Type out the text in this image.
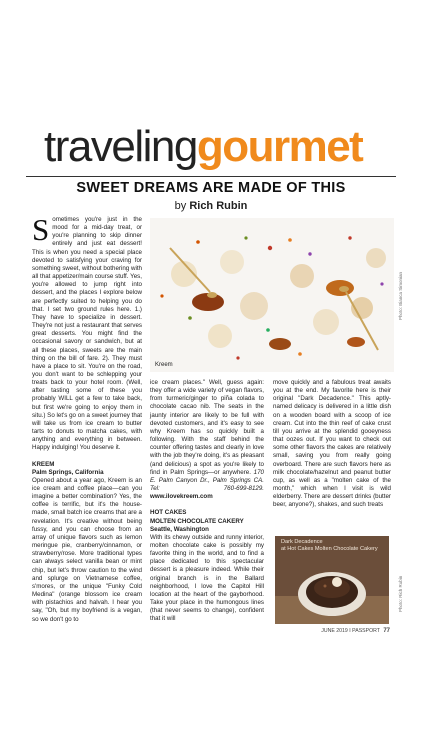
travelinggourmet
SWEET DREAMS ARE MADE OF THIS
by Rich Rubin

Sometimes you're just in the mood for a mid-day treat, or you're planning to skip dinner entirely and just eat dessert! This is when you need a special place devoted to satisfying your craving for something sweet, without bothering with all that appetizer/main course stuff. Yes, you're allowed to jump right into dessert, and the places I explore below are perfectly suited to helping you do that. I set two ground rules here. 1.) They have to specialize in dessert. They're not just a restaurant that serves great desserts. You might find the occasional savory or sandwich, but at all these places, sweets are the main thing on the bill of fare. 2). They must have a place to sit. You're on the road, you don't want to be schlepping your treats back to your hotel room. (Well, after tasting some of these you probably WILL get a few to take back, but first we're going to enjoy them in situ.) So let's go on a sweet journey that will take us from ice cream to butter tarts to donuts to matcha cakes, with anything and everything in between. Happy indulging! You deserve it.

KREEM

Palm Springs, California

Opened about a year ago, Kreem is an ice cream and coffee place—can you imagine a better combination? Yes, the coffee is terrific, but it's the house-made, small batch ice creams that are a revelation. It's creative without being fussy, and you can choose from an array of unique flavors such as lemon meringue pie, cranberry/cinnamon, or strawberry/rose. More traditional types can always select vanilla bean or mint chip, but let's throw caution to the wind and splurge on Vietnamese coffee, s'mores, or the unique "Funky Cold Medina" (orange blossom ice cream with pistachios and halvah. I hear you say, "Oh, but my boyfriend is a vegan, so we don't go to

Kreem
Photo: Bianca Simonian

ice cream places." Well, guess again: they offer a wide variety of vegan flavors, from turmeric/ginger to piña colada to chocolate cacao nib. The seats in the jaunty interior are likely to be full with devoted customers, and it's easy to see why Kreem has so quickly built a following. With the staff behind the counter offering tastes and clearly in love with the job they're doing, it's as pleasant (and delicious) a spot as you're likely to find in Palm Springs—or anywhere. 170 E. Palm Canyon Dr., Palm Springs CA. Tel: 760-699-8129. www.ilovekreem.com

HOT CAKES

MOLTEN CHOCOLATE CAKERY

Seattle, Washington

With its chewy outside and runny interior, molten chocolate cake is possibly my favorite thing in the world, and to find a place dedicated to this spectacular dessert is a pleasure indeed. While their original branch is in the Ballard neighborhood, I love the Capitol Hill location at the heart of the gayborhood. Take your place in the humongous lines (that never seems to change), confident that it will

move quickly and a fabulous treat awaits you at the end. My favorite here is their original "Dark Decadence." This aptly-named delicacy is delivered in a little dish on a wooden board with a scoop of ice cream. Cut into the thin reef of cake crust till you arrive at the splendid gooeyness that oozes out. If you want to check out some other flavors the cakes are relatively small, saving you from really going overboard. There are such flavors here as milk chocolate/hazelnut and peanut butter cup, as well as a "molten cake of the month," which when I visit is wild elderberry. There are dessert drinks (butter beer, anyone?), shakes, and such treats

Dark Decadence
at Hot Cakes Molten Chocolate Cakery
Photo: Rich Rubin
JUNE 2019 I PASSPORT 77
